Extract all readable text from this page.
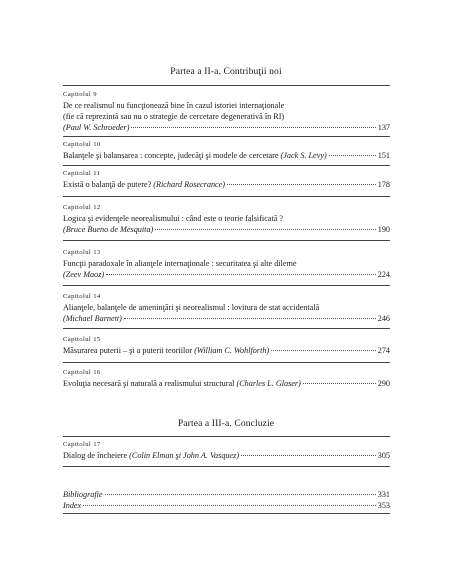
Partea a II-a. Contribuţii noi
Capitolul 9
De ce realismul nu funcţionează bine în cazul istoriei internaţionale
(fie că reprezintă sau nu o strategie de cercetare degenerativă în RI)
(Paul W. Schroeder)	137
Capitolul 10
Balanţele şi balansarea : concepte, judecăţi şi modele de cercetare
(Jack S. Levy)	151
Capitolul 11
Există o balanţă de putere?
(Richard Rosecrance)	178
Capitolul 12
Logica şi evidenţele neorealismului : când este o teorie falsificată ?
(Bruce Bueno de Mesquita)	190
Capitolul 13
Funcţii paradoxale în alianţele internaţionale : securitatea şi alte dileme
(Zeev Maoz)	224
Capitolul 14
Alianţele, balanţele de ameninţări şi neorealismul : lovitura de stat accidentală
(Michael Barnett)	246
Capitolul 15
Măsurarea puterii – şi a puterii teoriilor
(William C. Wohlforth)	274
Capitolul 16
Evoluţia necesară şi naturală a realismului structural
(Charles L. Glaser)	290
Partea a III-a. Concluzie
Capitolul 17
Dialog de încheiere
(Colin Elman şi John A. Vasquez)	305
Bibliografie	331
Index	353
